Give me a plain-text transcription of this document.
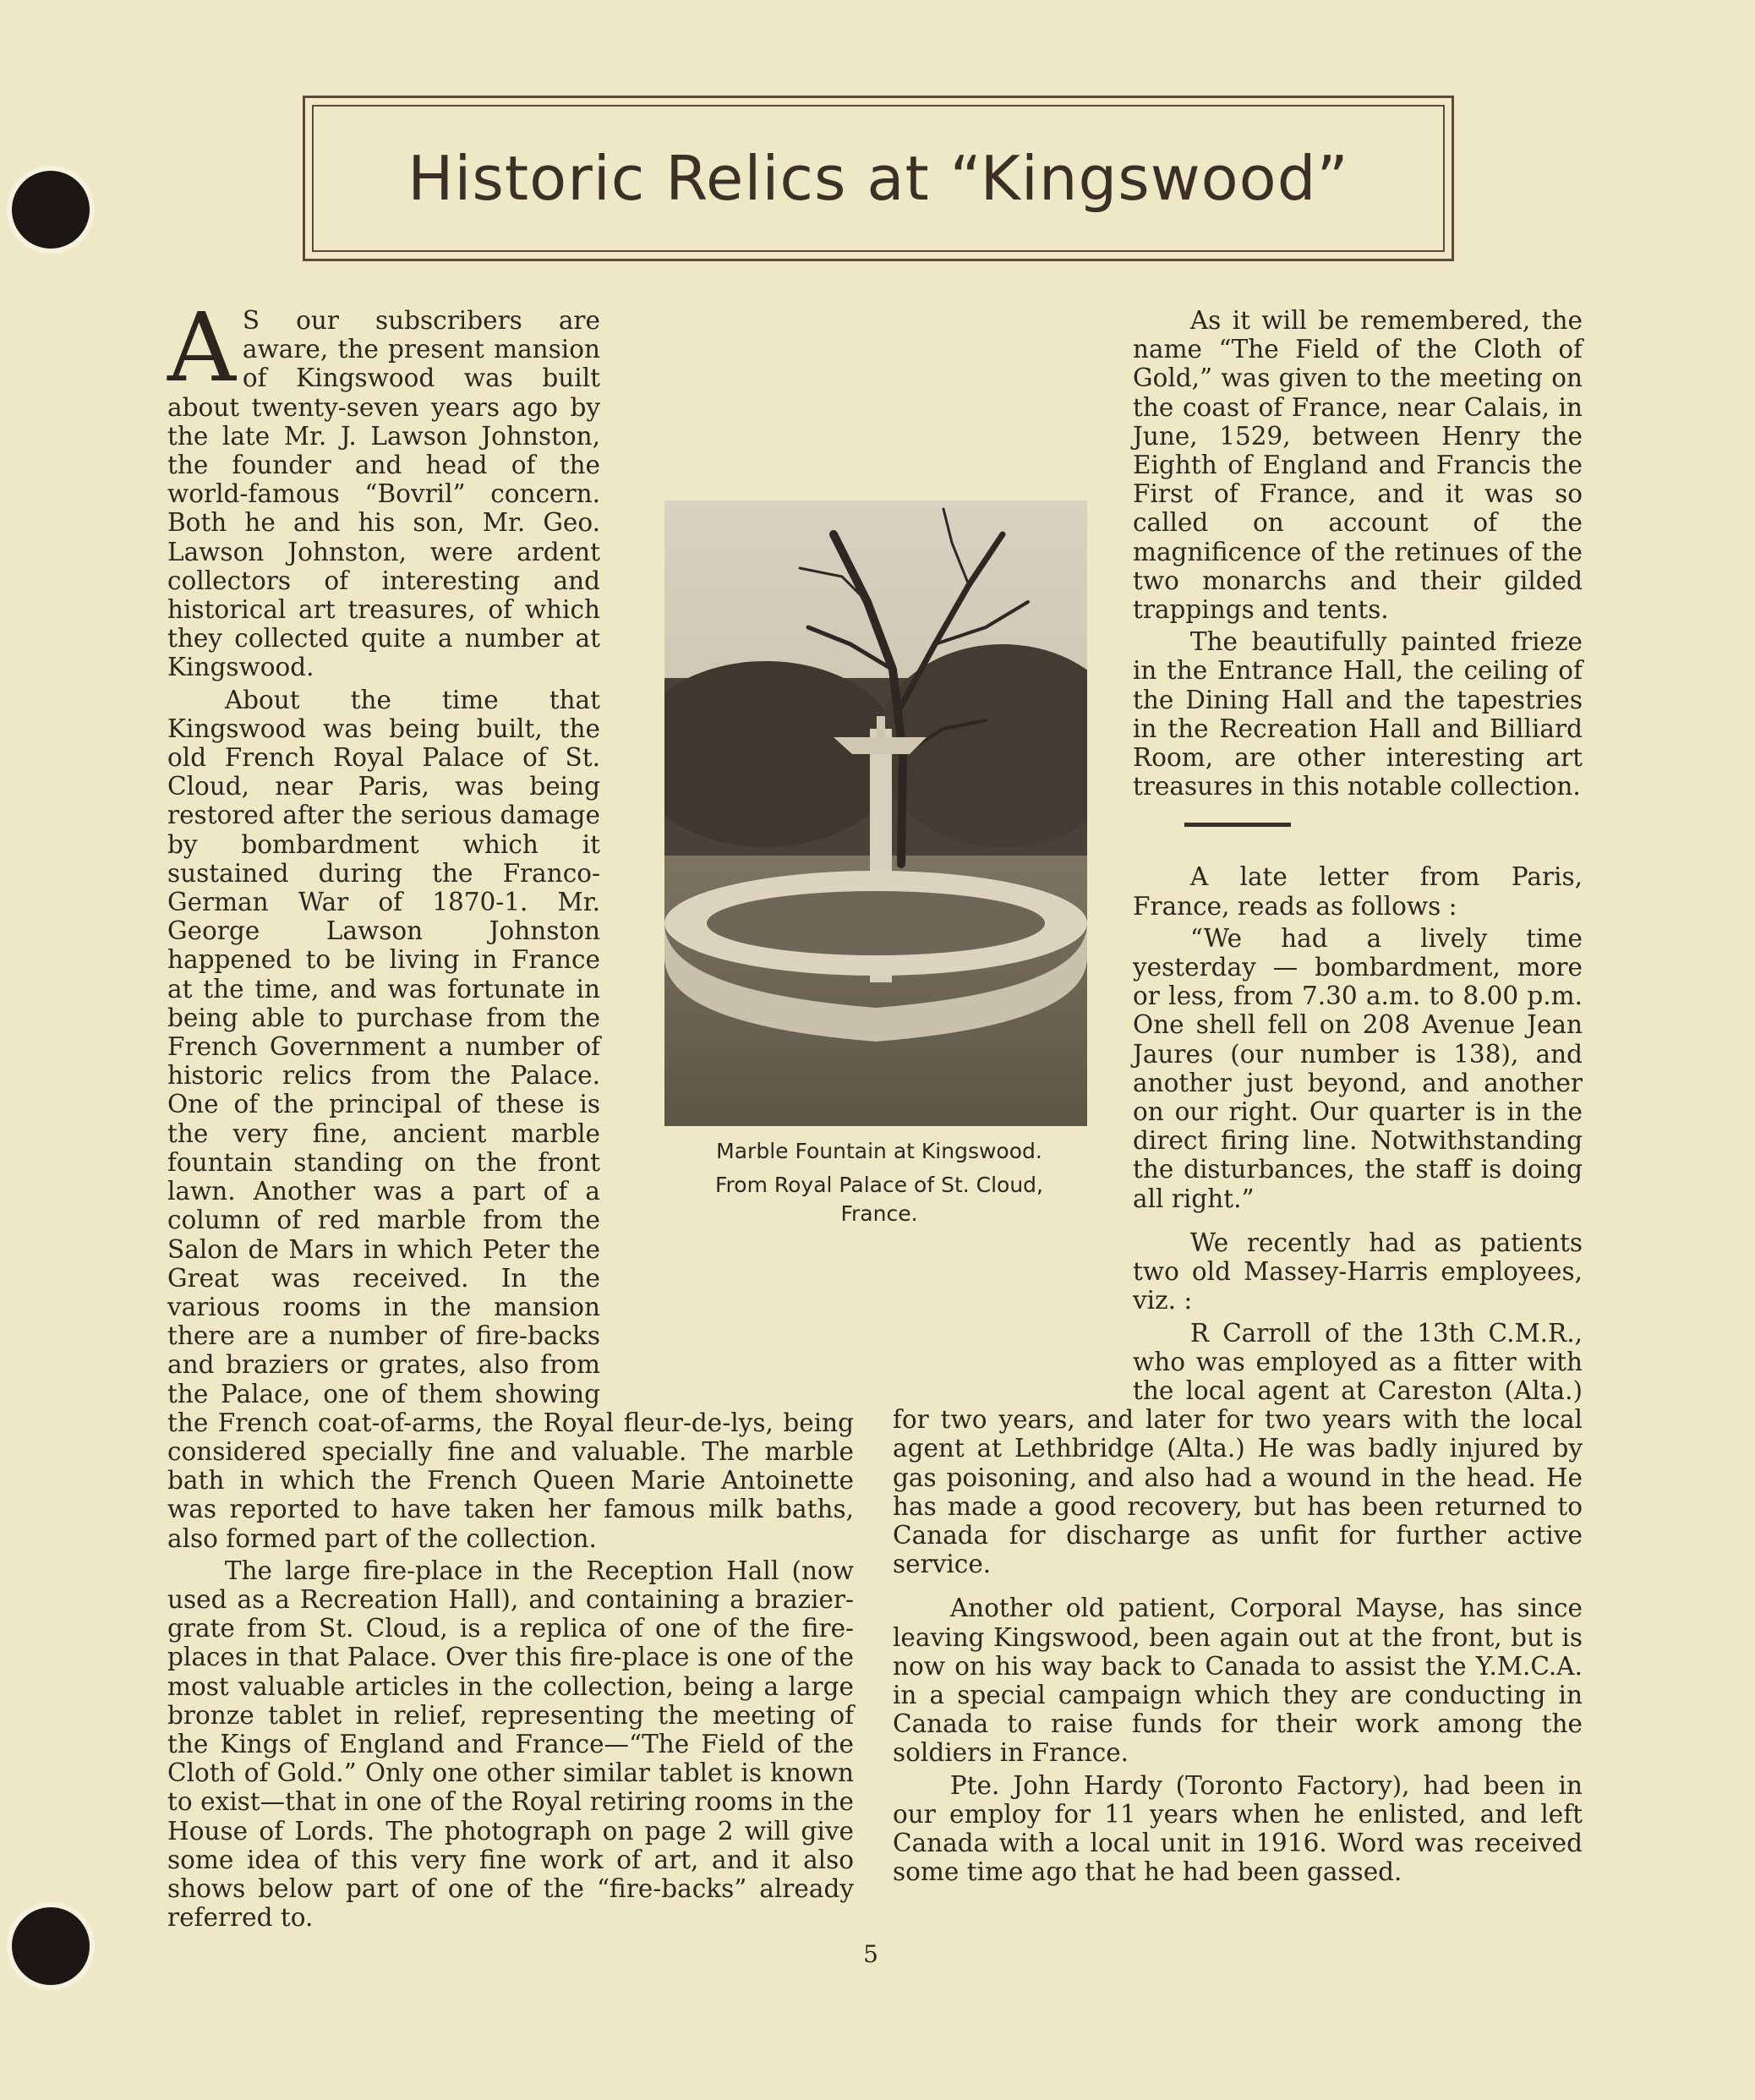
Historic Relics at “Kingswood”

A S our subscribers are aware, the present mansion of Kingswood was built about twenty-seven years ago by the late Mr. J. Lawson Johnston, the founder and head of the world-famous “Bovril” concern. Both he and his son, Mr. Geo. Lawson Johnston, were ardent collectors of interesting and historical art treasures, of which they collected quite a number at Kingswood.

About the time that Kingswood was being built, the old French Royal Palace of St. Cloud, near Paris, was being restored after the serious damage by bombardment which it sustained during the Franco-German War of 1870-1. Mr. George Lawson Johnston happened to be living in France at the time, and was fortunate in being able to purchase from the French Government a number of historic relics from the Palace. One of the principal of these is the very fine, ancient marble fountain standing on the front lawn. Another was a part of a column of red marble from the Salon de Mars in which Peter the Great was received. In the various rooms in the mansion there are a number of fire-backs and braziers or grates, also from the Palace, one of them showing the French coat-of-arms, the Royal fleur-de-lys, being considered specially fine and valuable. The marble bath in which the French Queen Marie Antoinette was reported to have taken her famous milk baths, also formed part of the collection.

The large fire-place in the Reception Hall (now used as a Recreation Hall), and containing a brazier-grate from St. Cloud, is a replica of one of the fire-places in that Palace. Over this fire-place is one of the most valuable articles in the collection, being a large bronze tablet in relief, representing the meeting of the Kings of England and France—“The Field of the Cloth of Gold.” Only one other similar tablet is known to exist—that in one of the Royal retiring rooms in the House of Lords. The photograph on page 2 will give some idea of this very fine work of art, and it also shows below part of one of the “fire-backs” already referred to.

As it will be remembered, the name “The Field of the Cloth of Gold,” was given to the meeting on the coast of France, near Calais, in June, 1529, between Henry the Eighth of England and Francis the First of France, and it was so called on account of the magnificence of the retinues of the two monarchs and their gilded trappings and tents.

The beautifully painted frieze in the Entrance Hall, the ceiling of the Dining Hall and the tapestries in the Recreation Hall and Billiard Room, are other interesting art treasures in this notable collection.

A late letter from Paris, France, reads as follows :

“We had a lively time yesterday — bombardment, more or less, from 7.30 a.m. to 8.00 p.m. One shell fell on 208 Avenue Jean Jaures (our number is 138), and another just beyond, and another on our right. Our quarter is in the direct firing line. Notwithstanding the disturbances, the staff is doing all right.”

We recently had as patients two old Massey-Harris employees, viz. :

R Carroll of the 13th C.M.R., who was employed as a fitter with the local agent at Careston (Alta.) for two years, and later for two years with the local agent at Lethbridge (Alta.) He was badly injured by gas poisoning, and also had a wound in the head. He has made a good recovery, but has been returned to Canada for discharge as unfit for further active service.

Another old patient, Corporal Mayse, has since leaving Kingswood, been again out at the front, but is now on his way back to Canada to assist the Y.M.C.A. in a special campaign which they are conducting in Canada to raise funds for their work among the soldiers in France.

Pte. John Hardy (Toronto Factory), had been in our employ for 11 years when he enlisted, and left Canada with a local unit in 1916. Word was received some time ago that he had been gassed.

Marble Fountain at Kingswood.
From Royal Palace of St. Cloud,
France.
5
